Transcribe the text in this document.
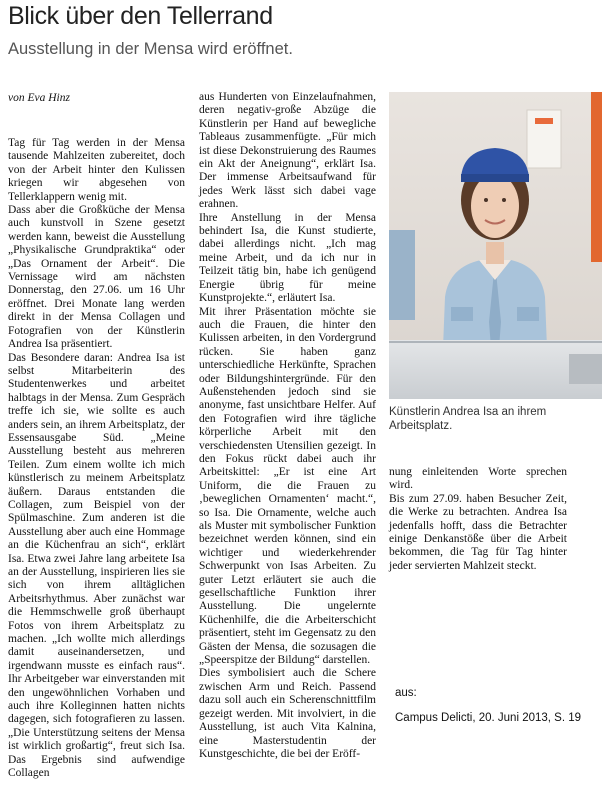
Blick über den Tellerrand
Ausstellung in der Mensa wird eröffnet.
von Eva Hinz

Tag für Tag werden in der Mensa tausende Mahlzeiten zubereitet, doch von der Arbeit hinter den Kulissen kriegen wir abgesehen von Tellerklappern wenig mit.

Dass aber die Großküche der Mensa auch kunstvoll in Szene gesetzt werden kann, beweist die Ausstellung „Physikalische Grundpraktika“ oder „Das Ornament der Arbeit“. Die Vernissage wird am nächsten Donnerstag, den 27.06. um 16 Uhr eröffnet. Drei Monate lang werden direkt in der Mensa Collagen und Fotografien von der Künstlerin Andrea Isa präsentiert.

Das Besondere daran: Andrea Isa ist selbst Mitarbeiterin des Studentenwerkes und arbeitet halbtags in der Mensa. Zum Gespräch treffe ich sie, wie sollte es auch anders sein, an ihrem Arbeitsplatz, der Essensausgabe Süd. „Meine Ausstellung besteht aus mehreren Teilen. Zum einem wollte ich mich künstlerisch zu meinem Arbeitsplatz äußern. Daraus entstanden die Collagen, zum Beispiel von der Spülmaschine. Zum anderen ist die Ausstellung aber auch eine Hommage an die Küchenfrau an sich“, erklärt Isa. Etwa zwei Jahre lang arbeitete Isa an der Ausstellung, inspirieren lies sie sich von ihrem alltäglichen Arbeitsrhythmus. Aber zunächst war die Hemmschwelle groß überhaupt Fotos von ihrem Arbeitsplatz zu machen. „Ich wollte mich allerdings damit auseinandersetzen, und irgendwann musste es einfach raus“. Ihr Arbeitgeber war einverstanden mit den ungewöhnlichen Vorhaben und auch ihre Kolleginnen hatten nichts dagegen, sich fotografieren zu lassen. „Die Unterstützung seitens der Mensa ist wirklich großartig“, freut sich Isa. Das Ergebnis sind aufwendige Collagen

aus Hunderten von Einzelaufnahmen, deren negativ-große Abzüge die Künstlerin per Hand auf bewegliche Tableaus zusammenfügte. „Für mich ist diese Dekonstruierung des Raumes ein Akt der Aneignung“, erklärt Isa. Der immense Arbeitsaufwand für jedes Werk lässt sich dabei vage erahnen.

Ihre Anstellung in der Mensa behindert Isa, die Kunst studierte, dabei allerdings nicht. „Ich mag meine Arbeit, und da ich nur in Teilzeit tätig bin, habe ich genügend Energie übrig für meine Kunstprojekte.“, erläutert Isa.

Mit ihrer Präsentation möchte sie auch die Frauen, die hinter den Kulissen arbeiten, in den Vordergrund rücken. Sie haben ganz unterschiedliche Herkünfte, Sprachen oder Bildungshintergründe. Für den Außenstehenden jedoch sind sie anonyme, fast unsichtbare Helfer. Auf den Fotografien wird ihre tägliche körperliche Arbeit mit den verschiedensten Utensilien gezeigt. In den Fokus rückt dabei auch ihr Arbeitskittel: „Er ist eine Art Uniform, die die Frauen zu ‚beweglichen Ornamenten‘ macht.“, so Isa. Die Ornamente, welche auch als Muster mit symbolischer Funktion bezeichnet werden können, sind ein wichtiger und wiederkehrender Schwerpunkt von Isas Arbeiten. Zu guter Letzt erläutert sie auch die gesellschaftliche Funktion ihrer Ausstellung. Die ungelernte Küchenhilfe, die die Arbeiterschicht präsentiert, steht im Gegensatz zu den Gästen der Mensa, die sozusagen die „Speerspitze der Bildung“ darstellen.

Dies symbolisiert auch die Schere zwischen Arm und Reich. Passend dazu soll auch ein Scherenschnittfilm gezeigt werden. Mit involviert, in die Ausstellung, ist auch Vita Kalnina, eine Masterstudentin der Kunstgeschichte, die bei der Eröff-

Künstlerin Andrea Isa an ihrem Arbeitsplatz.

nung einleitenden Worte sprechen wird.

Bis zum 27.09. haben Besucher Zeit, die Werke zu betrachten. Andrea Isa jedenfalls hofft, dass die Betrachter einige Denkanstöße über die Arbeit bekommen, die Tag für Tag hinter jeder servierten Mahlzeit steckt.

aus:

Campus Delicti, 20. Juni 2013, S. 19
